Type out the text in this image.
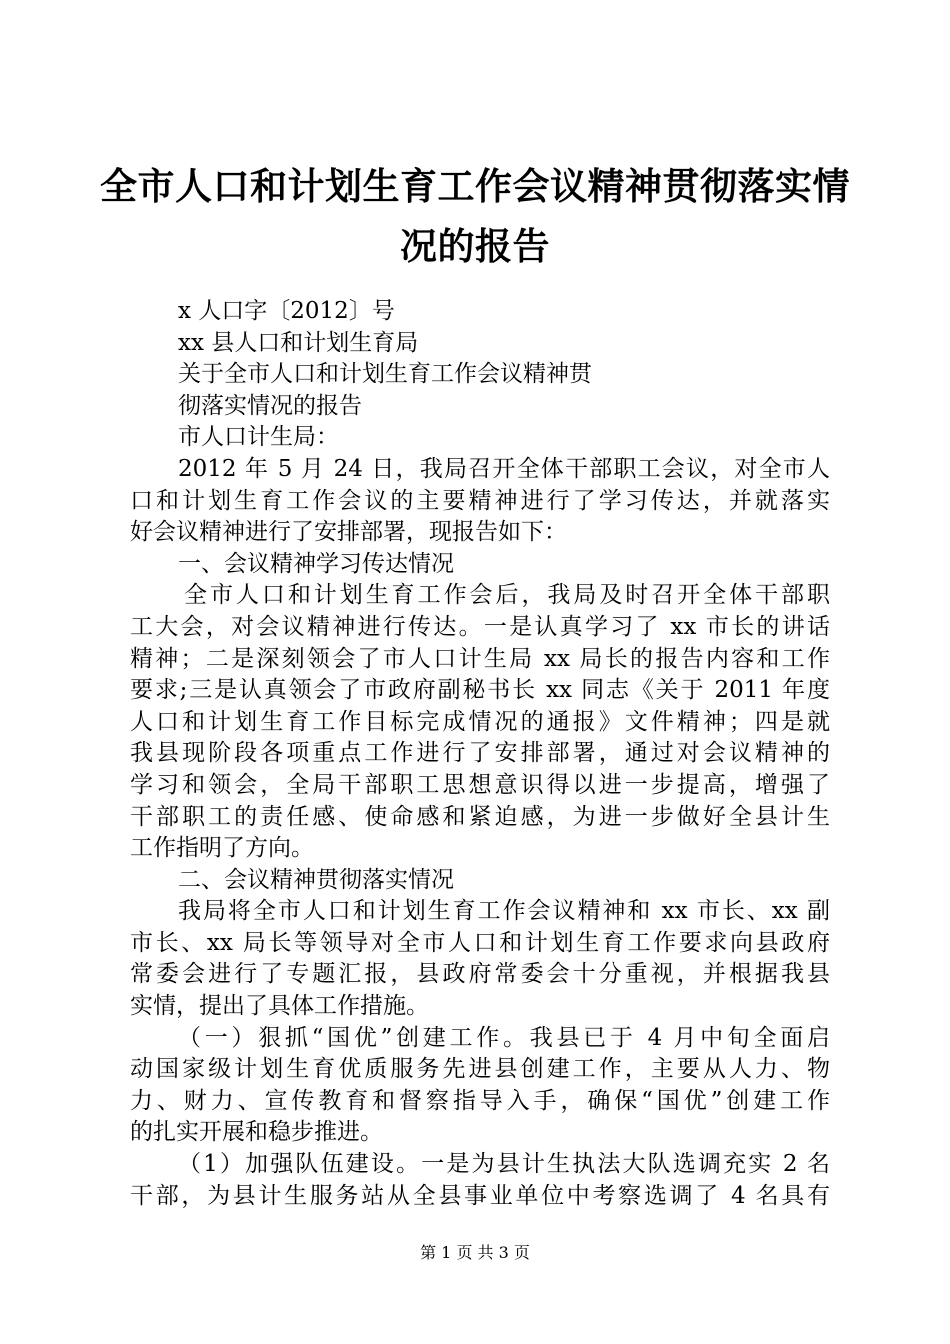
全市人口和计划生育工作会议精神贯彻落实情
况的报告
x 人口字〔2012〕号
xx 县人口和计划生育局
关于全市人口和计划生育工作会议精神贯
彻落实情况的报告
市人口计生局：
2012 年 5 月 24 日，我局召开全体干部职工会议，对全市人
口和计划生育工作会议的主要精神进行了学习传达，并就落实
好会议精神进行了安排部署，现报告如下：
一、会议精神学习传达情况
全市人口和计划生育工作会后，我局及时召开全体干部职
工大会，对会议精神进行传达。一是认真学习了 xx 市长的讲话
精神；二是深刻领会了市人口计生局 xx 局长的报告内容和工作
要求;三是认真领会了市政府副秘书长 xx 同志《关于 2011 年度
人口和计划生育工作目标完成情况的通报》文件精神；四是就
我县现阶段各项重点工作进行了安排部署，通过对会议精神的
学习和领会，全局干部职工思想意识得以进一步提高，增强了
干部职工的责任感、使命感和紧迫感，为进一步做好全县计生
工作指明了方向。
二、会议精神贯彻落实情况
我局将全市人口和计划生育工作会议精神和 xx 市长、xx 副
市长、xx 局长等领导对全市人口和计划生育工作要求向县政府
常委会进行了专题汇报，县政府常委会十分重视，并根据我县
实情，提出了具体工作措施。
（一）狠抓“国优”创建工作。我县已于 4 月中旬全面启
动国家级计划生育优质服务先进县创建工作，主要从人力、物
力、财力、宣传教育和督察指导入手，确保“国优”创建工作
的扎实开展和稳步推进。
（1）加强队伍建设。一是为县计生执法大队选调充实 2 名
干部，为县计生服务站从全县事业单位中考察选调了 4 名具有
第 1 页 共 3 页
